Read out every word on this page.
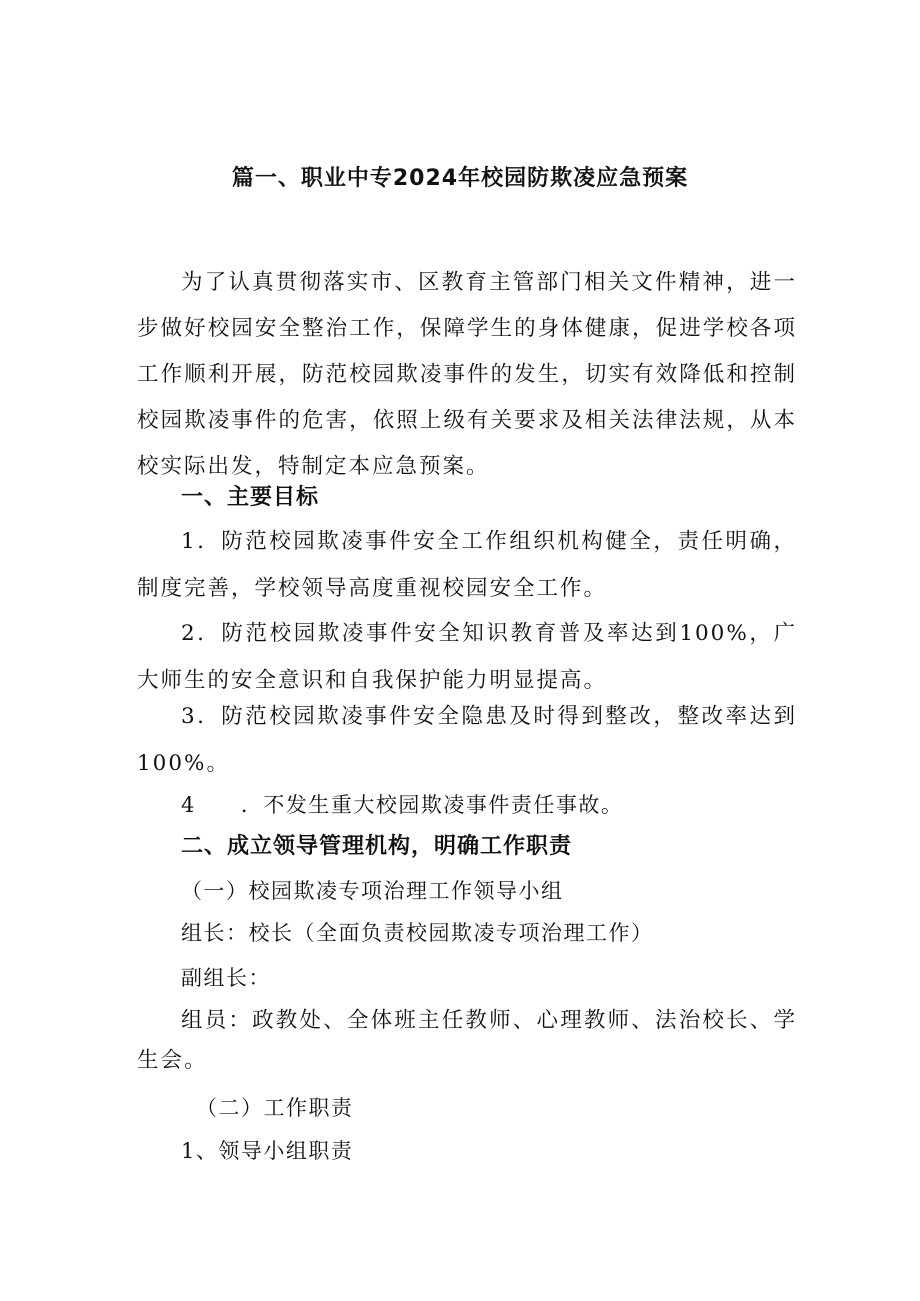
篇一、职业中专2024年校园防欺凌应急预案

为了认真贯彻落实市、区教育主管部门相关文件精神，进一步做好校园安全整治工作，保障学生的身体健康，促进学校各项工作顺利开展，防范校园欺凌事件的发生，切实有效降低和控制校园欺凌事件的危害，依照上级有关要求及相关法律法规，从本校实际出发，特制定本应急预案。

一、主要目标

1．防范校园欺凌事件安全工作组织机构健全，责任明确，制度完善，学校领导高度重视校园安全工作。

2．防范校园欺凌事件安全知识教育普及率达到100%，广大师生的安全意识和自我保护能力明显提高。

3．防范校园欺凌事件安全隐患及时得到整改，整改率达到100%。

4　　．不发生重大校园欺凌事件责任事故。

二、成立领导管理机构，明确工作职责

（一）校园欺凌专项治理工作领导小组

组长：校长（全面负责校园欺凌专项治理工作）

副组长：

组员：政教处、全体班主任教师、心理教师、法治校长、学生会。

（二）工作职责

1、领导小组职责
